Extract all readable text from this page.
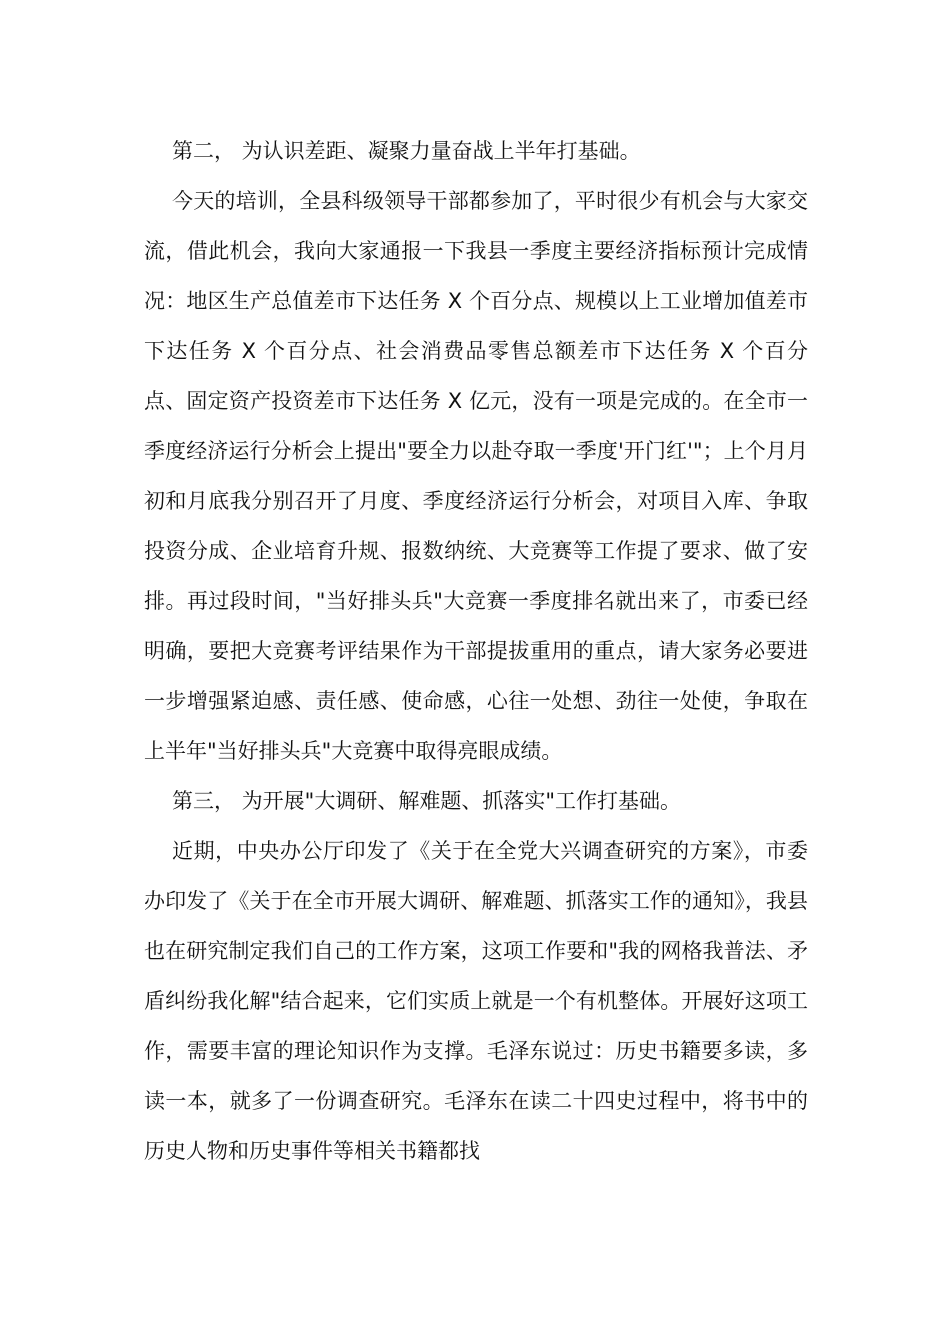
第二， 为认识差距、凝聚力量奋战上半年打基础。

今天的培训，全县科级领导干部都参加了，平时很少有机会与大家交流，借此机会，我向大家通报一下我县一季度主要经济指标预计完成情况：地区生产总值差市下达任务 X 个百分点、规模以上工业增加值差市下达任务 X 个百分点、社会消费品零售总额差市下达任务 X 个百分点、固定资产投资差市下达任务 X 亿元，没有一项是完成的。在全市一季度经济运行分析会上提出"要全力以赴夺取一季度'开门红'"；上个月月初和月底我分别召开了月度、季度经济运行分析会，对项目入库、争取投资分成、企业培育升规、报数纳统、大竞赛等工作提了要求、做了安排。再过段时间，"当好排头兵"大竞赛一季度排名就出来了，市委已经明确，要把大竞赛考评结果作为干部提拔重用的重点，请大家务必要进一步增强紧迫感、责任感、使命感，心往一处想、劲往一处使，争取在上半年"当好排头兵"大竞赛中取得亮眼成绩。

第三， 为开展"大调研、解难题、抓落实"工作打基础。

近期，中央办公厅印发了《关于在全党大兴调查研究的方案》，市委办印发了《关于在全市开展大调研、解难题、抓落实工作的通知》，我县也在研究制定我们自己的工作方案，这项工作要和"我的网格我普法、矛盾纠纷我化解"结合起来，它们实质上就是一个有机整体。开展好这项工作，需要丰富的理论知识作为支撑。毛泽东说过：历史书籍要多读，多读一本，就多了一份调查研究。毛泽东在读二十四史过程中，将书中的历史人物和历史事件等相关书籍都找
